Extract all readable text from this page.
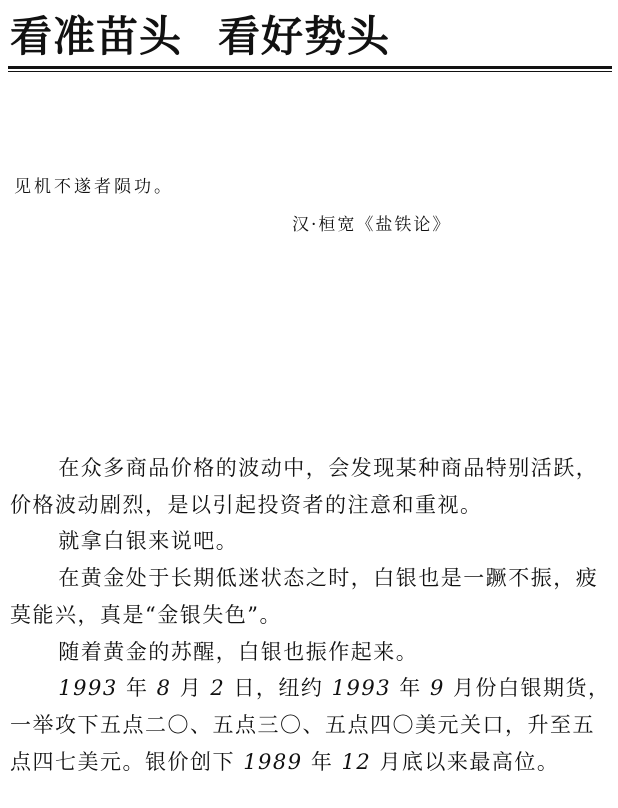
看准苗头 看好势头
见机不遂者陨功。
汉·桓宽《盐铁论》

在众多商品价格的波动中，会发现某种商品特别活跃，价格波动剧烈，是以引起投资者的注意和重视。

就拿白银来说吧。

在黄金处于长期低迷状态之时，白银也是一蹶不振，疲莫能兴，真是“金银失色”。

随着黄金的苏醒，白银也振作起来。

1993 年 8 月 2 日，纽约 1993 年 9 月份白银期货，一举攻下五点二〇、五点三〇、五点四〇美元关口，升至五点四七美元。银价创下 1989 年 12 月底以来最高位。
